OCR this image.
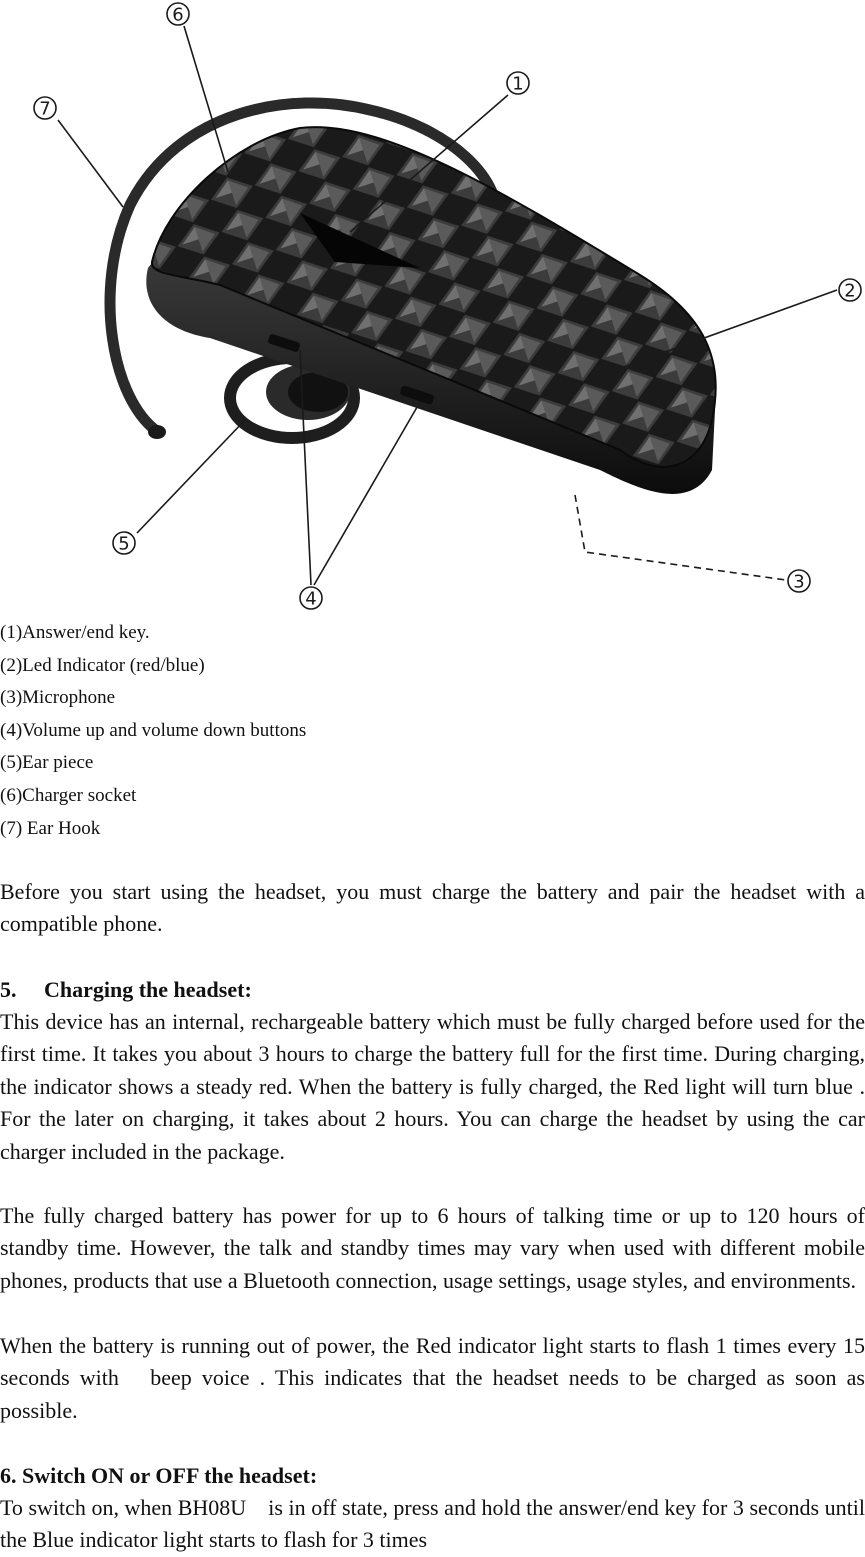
1
2
3
4
5
6
7
(1)Answer/end key.
(2)Led Indicator (red/blue)
(3)Microphone
(4)Volume up and volume down buttons
(5)Ear piece
(6)Charger socket
(7) Ear Hook

Before you start using the headset, you must charge the battery and pair the headset with a compatible phone.

5. Charging the headset:

This device has an internal, rechargeable battery which must be fully charged before used for the first time. It takes you about 3 hours to charge the battery full for the first time. During charging, the indicator shows a steady red. When the battery is fully charged, the Red light will turn blue . For the later on charging, it takes about 2 hours. You can charge the headset by using the car charger included in the package.

The fully charged battery has power for up to 6 hours of talking time or up to 120 hours of standby time. However, the talk and standby times may vary when used with different mobile phones, products that use a Bluetooth connection, usage settings, usage styles, and environments.

When the battery is running out of power, the Red indicator light starts to flash 1 times every 15 seconds with　beep voice . This indicates that the headset needs to be charged as soon as possible.

6. Switch ON or OFF the headset:

To switch on, when BH08U　is in off state, press and hold the answer/end key for 3 seconds until the Blue indicator light starts to flash for 3 times
